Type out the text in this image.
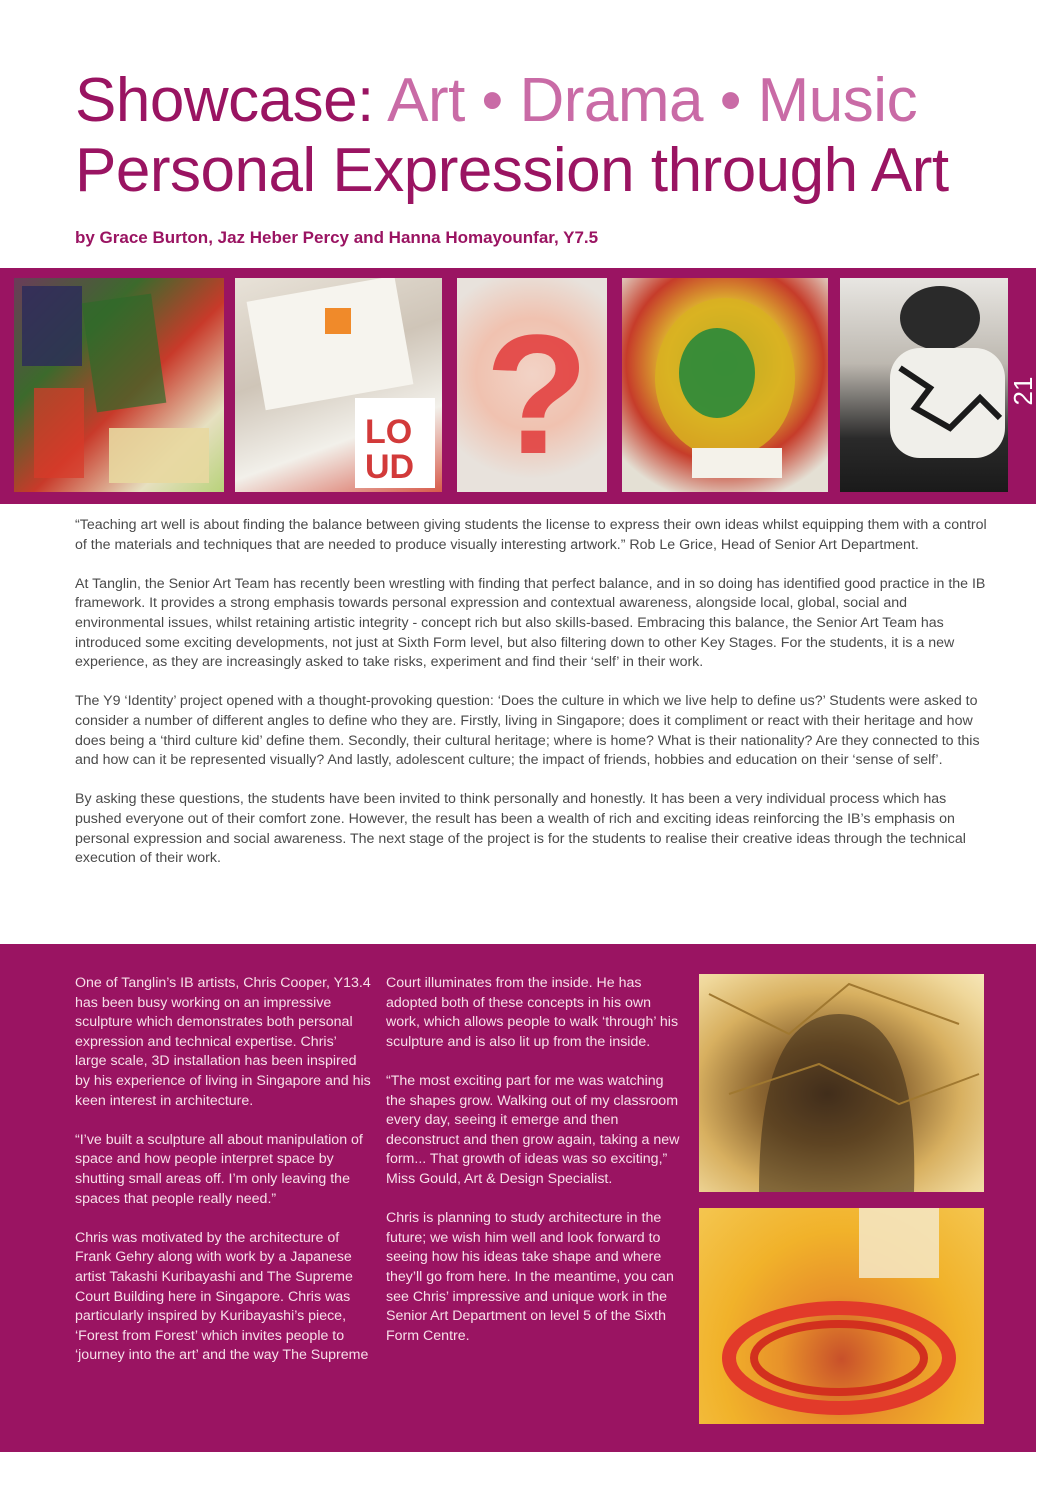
Showcase: Art • Drama • Music
Personal Expression through Art
by Grace Burton, Jaz Heber Percy and Hanna Homayounfar, Y7.5
LO
UD ?	21

“Teaching art well is about finding the balance between giving students the license to express their own ideas whilst equipping them with a control of the materials and techniques that are needed to produce visually interesting artwork.” Rob Le Grice, Head of Senior Art Department.

At Tanglin, the Senior Art Team has recently been wrestling with finding that perfect balance, and in so doing has identified good practice in the IB framework. It provides a strong emphasis towards personal expression and contextual awareness, alongside local, global, social and environmental issues, whilst retaining artistic integrity - concept rich but also skills-based. Embracing this balance, the Senior Art Team has introduced some exciting developments, not just at Sixth Form level, but also filtering down to other Key Stages. For the students, it is a new experience, as they are increasingly asked to take risks, experiment and find their ‘self’ in their work.

The Y9 ‘Identity’ project opened with a thought-provoking question: ‘Does the culture in which we live help to define us?’ Students were asked to consider a number of different angles to define who they are. Firstly, living in Singapore; does it compliment or react with their heritage and how does being a ‘third culture kid’ define them. Secondly, their cultural heritage; where is home? What is their nationality? Are they connected to this and how can it be represented visually? And lastly, adolescent culture; the impact of friends, hobbies and education on their ‘sense of self’.

By asking these questions, the students have been invited to think personally and honestly. It has been a very individual process which has pushed everyone out of their comfort zone. However, the result has been a wealth of rich and exciting ideas reinforcing the IB’s emphasis on personal expression and social awareness. The next stage of the project is for the students to realise their creative ideas through the technical execution of their work.

One of Tanglin’s IB artists, Chris Cooper, Y13.4 has been busy working on an impressive sculpture which demonstrates both personal expression and technical expertise. Chris’ large scale, 3D installation has been inspired by his experience of living in Singapore and his keen interest in architecture.

“I’ve built a sculpture all about manipulation of space and how people interpret space by shutting small areas off. I’m only leaving the spaces that people really need.”

Chris was motivated by the architecture of Frank Gehry along with work by a Japanese artist Takashi Kuribayashi and The Supreme Court Building here in Singapore. Chris was particularly inspired by Kuribayashi’s piece, ‘Forest from Forest’ which invites people to ‘journey into the art’ and the way The Supreme

Court illuminates from the inside. He has adopted both of these concepts in his own work, which allows people to walk ‘through’ his sculpture and is also lit up from the inside.

“The most exciting part for me was watching the shapes grow. Walking out of my classroom every day, seeing it emerge and then deconstruct and then grow again, taking a new form... That growth of ideas was so exciting,” Miss Gould, Art & Design Specialist.

Chris is planning to study architecture in the future; we wish him well and look forward to seeing how his ideas take shape and where they’ll go from here. In the meantime, you can see Chris’ impressive and unique work in the Senior Art Department on level 5 of the Sixth Form Centre.
